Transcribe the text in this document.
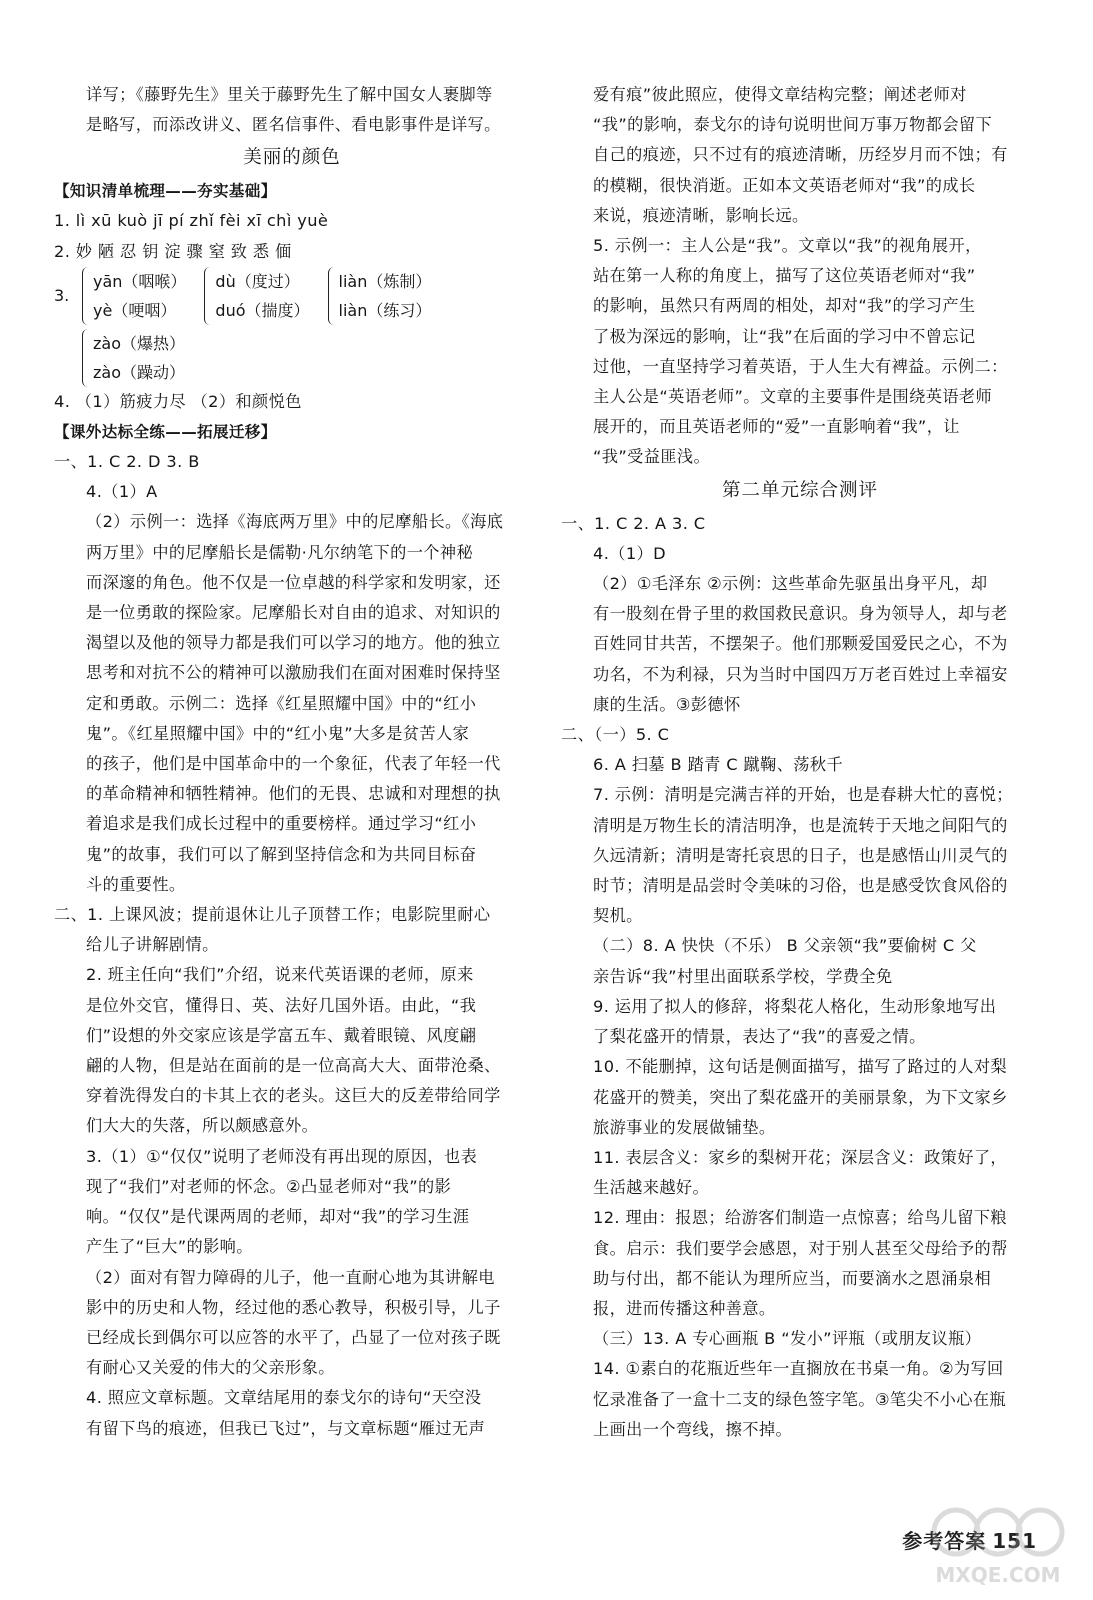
详写；《藤野先生》里关于藤野先生了解中国女人裹脚等
是略写，而添改讲义、匿名信事件、看电影事件是详写。
美丽的颜色
【知识清单梳理——夯实基础】
1. lì xū kuò jī pí zhǐ fèi xī chì yuè
2. 妙 陋 忍 钥 淀 骤 窒 致 悉 偭
3.
yān（咽喉）
yè（哽咽）
dù（度过）
duó（揣度）
liàn（炼制）
liàn（练习）
zào（爆热）
zào（躁动）
4. （1）筋疲力尽 （2）和颜悦色
【课外达标全练——拓展迁移】
一、1. C 2. D 3. B
4.（1）A
（2）示例一：选择《海底两万里》中的尼摩船长。《海底
两万里》中的尼摩船长是儒勒·凡尔纳笔下的一个神秘
而深邃的角色。他不仅是一位卓越的科学家和发明家，还
是一位勇敢的探险家。尼摩船长对自由的追求、对知识的
渴望以及他的领导力都是我们可以学习的地方。他的独立
思考和对抗不公的精神可以激励我们在面对困难时保持坚
定和勇敢。示例二：选择《红星照耀中国》中的“红小
鬼”。《红星照耀中国》中的“红小鬼”大多是贫苦人家
的孩子，他们是中国革命中的一个象征，代表了年轻一代
的革命精神和牺牲精神。他们的无畏、忠诚和对理想的执
着追求是我们成长过程中的重要榜样。通过学习“红小
鬼”的故事，我们可以了解到坚持信念和为共同目标奋
斗的重要性。
二、1. 上课风波；提前退休让儿子顶替工作；电影院里耐心
给儿子讲解剧情。
2. 班主任向“我们”介绍，说来代英语课的老师，原来
是位外交官，懂得日、英、法好几国外语。由此，“我
们”设想的外交家应该是学富五车、戴着眼镜、风度翩
翩的人物，但是站在面前的是一位高高大大、面带沧桑、
穿着洗得发白的卡其上衣的老头。这巨大的反差带给同学
们大大的失落，所以颇感意外。
3.（1）①“仅仅”说明了老师没有再出现的原因，也表
现了“我们”对老师的怀念。②凸显老师对“我”的影
响。“仅仅”是代课两周的老师，却对“我”的学习生涯
产生了“巨大”的影响。
（2）面对有智力障碍的儿子，他一直耐心地为其讲解电
影中的历史和人物，经过他的悉心教导，积极引导，儿子
已经成长到偶尔可以应答的水平了，凸显了一位对孩子既
有耐心又关爱的伟大的父亲形象。
4. 照应文章标题。文章结尾用的泰戈尔的诗句“天空没
有留下鸟的痕迹，但我已飞过”，与文章标题“雁过无声
爱有痕”彼此照应，使得文章结构完整；阐述老师对
“我”的影响，泰戈尔的诗句说明世间万事万物都会留下
自己的痕迹，只不过有的痕迹清晰，历经岁月而不蚀；有
的模糊，很快消逝。正如本文英语老师对“我”的成长
来说，痕迹清晰，影响长远。
5. 示例一：主人公是“我”。文章以“我”的视角展开，
站在第一人称的角度上，描写了这位英语老师对“我”
的影响，虽然只有两周的相处，却对“我”的学习产生
了极为深远的影响，让“我”在后面的学习中不曾忘记
过他，一直坚持学习着英语，于人生大有裨益。示例二：
主人公是“英语老师”。文章的主要事件是围绕英语老师
展开的，而且英语老师的“爱”一直影响着“我”，让
“我”受益匪浅。
第二单元综合测评
一、1. C 2. A 3. C
4.（1）D
（2）①毛泽东 ②示例：这些革命先驱虽出身平凡，却
有一股刻在骨子里的救国救民意识。身为领导人，却与老
百姓同甘共苦，不摆架子。他们那颗爱国爱民之心，不为
功名，不为利禄，只为当时中国四万万老百姓过上幸福安
康的生活。③彭德怀
二、（一）5. C
6. A 扫墓 B 踏青 C 蹴鞠、荡秋千
7. 示例：清明是完满吉祥的开始，也是春耕大忙的喜悦；
清明是万物生长的清洁明净，也是流转于天地之间阳气的
久远清新；清明是寄托哀思的日子，也是感悟山川灵气的
时节；清明是品尝时令美味的习俗，也是感受饮食风俗的
契机。
（二）8. A 快快（不乐） B 父亲领“我”要偷树 C 父
亲告诉“我”村里出面联系学校，学费全免
9. 运用了拟人的修辞，将梨花人格化，生动形象地写出
了梨花盛开的情景，表达了“我”的喜爱之情。
10. 不能删掉，这句话是侧面描写，描写了路过的人对梨
花盛开的赞美，突出了梨花盛开的美丽景象，为下文家乡
旅游事业的发展做铺垫。
11. 表层含义：家乡的梨树开花；深层含义：政策好了，
生活越来越好。
12. 理由：报恩；给游客们制造一点惊喜；给鸟儿留下粮
食。启示：我们要学会感恩，对于别人甚至父母给予的帮
助与付出，都不能认为理所应当，而要滴水之恩涌泉相
报，进而传播这种善意。
（三）13. A 专心画瓶 B “发小”评瓶（或朋友议瓶）
14. ①素白的花瓶近些年一直搁放在书桌一角。②为写回
忆录准备了一盒十二支的绿色签字笔。③笔尖不小心在瓶
上画出一个弯线，擦不掉。
参考答案 151
MXQE.COM
